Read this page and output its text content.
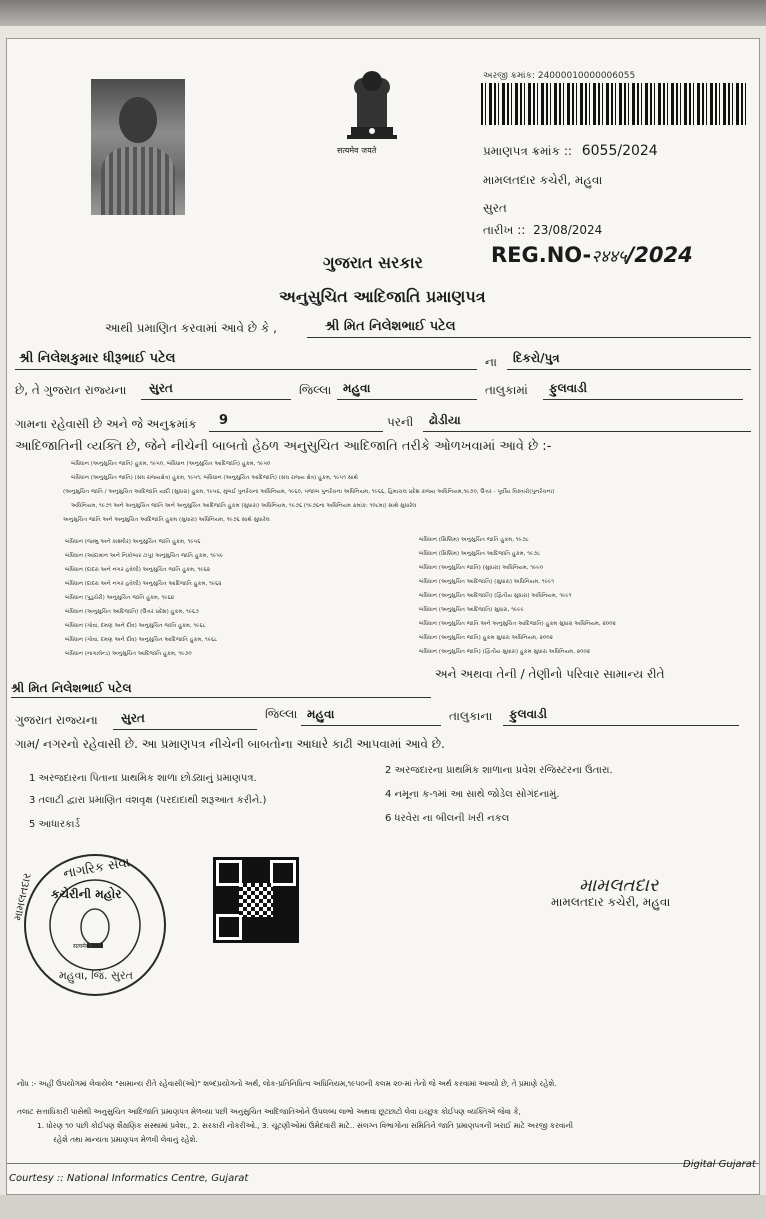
सत्यमेव जयते
અરજી ક્રમાંક: 24000010000006055
પ્રમાણપત્ર ક્રમાંક :: 6055/2024
મામલતદાર કચેરી, મહુવા
સુરત
તારીખ :: 23/08/2024
REG.NO-२४४५/2024
ગુજરાત સરકાર
અનુસુચિત આદિજાતિ પ્રમાણપત્ર
આથી પ્રમાણિત કરવામાં આવે છે કે ,	શ્રી મિત નિલેશભાઈ પટેલ
શ્રી નિલેશકુમાર ધીરૂભાઈ પટેલ	ના દિકરો/પુત્ર
છે, તે ગુજરાત રાજ્યના સુરત	જિલ્લા મહુવા	તાલુકામાં ફુલવાડી
ગામના રહેવાસી છે અને જે અનુક્રમાંક 9	પરની ઢોડીયા
આદિજાતિની વ્યક્તિ છે, જેને નીચેની બાબતો હેઠળ અનુસુચિત આદિજાતિ તરીકે ઓળખવામાં આવે છે :-
બંધિધાન (અનુસુચિત જાતિ) હુકમ, ૧૯૫૦, બંધિધાન (અનુસુચિત આદિજાતિ) હુકમ, ૧૯૫૦
બંધિધાન (અનુસુચિત જાતિ) (સંઘ રાજ્યક્ષેત્ર) હુકમ, ૧૯૫૧, બંધિધાન (અનુસુચિત આદિજાતિ) (સંઘ રાજ્ય ક્ષેત્ર) હુકમ, ૧૯૫૧ સાથે
(અનુસુચિત જાતિ / અનુસુચિત આદિજાતિ યાદી (સુધારા) હુકમ, ૧૯૫૬, મુંબઈ પુનર્રચના અધિનિયમ, ૧૯૬૦, પંજાબ પુનર્રચના અધિનિયમ, ૧૯૬૬, હિમાચલ પ્રદેશ રાજ્ય અધિનિયમ,૧૯૭૦, ઉત્તર - પૂર્વીય વિસ્તારો(પુનર્રચના)
અધિનિયમ, ૧૯૭૧ અને અનુસુચિત જાતિ અને અનુસુચિત આદિજાતિ હુકમ (સુધારા) અધિનિયમ, ૧૯૭૬ (૧૯૭૬ના અધિનિયમ ક્રમાંક: ૧૦૮મા) સાથે સુધારેલ
અનુસુચિત જાતિ અને અનુસુચિત આદિજાતિ હુકમ (સુધારા) અધિનિયમ, ૧૯૭૬ સાથે સુધારેલ
બંધિધાન (જમ્મુ અને કાશ્મીર) અનુસુચિત જાતિ હુકમ, ૧૯૫૬
બંધિધાન (આંદામાન અને નિકોબાર ટાપુ) અનુસુચિત જાતિ હુકમ, ૧૯૫૯
બંધિધાન (દાદરા અને નગર હવેલી) અનુસુચિત જાતિ હુકમ, ૧૯૬૨
બંધિધાન (દાદરા અને નગર હવેલી) અનુસુચિત આદિજાતિ હુકમ, ૧૯૬૨
બંધિધાન (પુડુચેરી) અનુસુચિત જાતિ હુકમ, ૧૯૬૪
બંધિધાન (અનુસુચિત આદિજાતિ) (ઉત્તર પ્રદેશ) હુકમ, ૧૯૬૭
બંધિધાન (ગોવા, દમણ અને દીવ) અનુસુચિત જાતિ હુકમ, ૧૯૬૮
બંધિધાન (ગોવા, દમણ અને દીવ) અનુસુચિત આદિજાતિ હુકમ, ૧૯૬૮
બંધિધાન (નાગાલેન્ડ) અનુસુચિત આદિજાતિ હુકમ, ૧૯૭૦
બંધિધાન (સિક્કિમ) અનુસુચિત જાતિ હુકમ, ૧૯૭૮
બંધિધાન (સિક્કિમ) અનુસુચિત આદિજાતિ હુકમ, ૧૯૭૮
બંધિધાન (અનુસુચિત જાતિ) (સુધારા) અધિનિયમ, ૧૯૯૦
બંધિધાન (અનુસુચિત આદિજાતિ) (સુધારા) અધિનિયમ, ૧૯૯૧
બંધિધાન (અનુસુચિત આદિજાતિ) (દ્વિતીય સુધારા) અધિનિયમ, ૧૯૯૧
બંધિધાન (અનુસુચિત આદિજાતિ) સુધારા, ૧૯૯૯
બંધિધાન (અનુસુચિત જાતિ અને અનુસુચિત આદિજાતિ) હુકમ સુધારા અધિનિયમ, ૨૦૦૨
બંધિધાન (અનુસુચિત જાતિ) હુકમ સુધારા અધિનિયમ, ૨૦૦૨
બંધિધાન (અનુસુચિત જાતિ) (દ્વિતીય સુધારા) હુકમ સુધારા અધિનિયમ, ૨૦૦૨
શ્રી મિત નિલેશભાઈ પટેલ
અને અથવા તેની / તેણીનો પરિવાર સામાન્ય રીતે
ગુજરાત રાજ્યના સુરત	જિલ્લા મહુવા	તાલુકાના ફુલવાડી
ગામ/ નગરનો રહેવાસી છે. આ પ્રમાણપત્ર નીચેની બાબતોના આધારે કાઢી આપવામાં આવે છે.
1 અરજદારના પિતાના પ્રાથમિક શાળા છોડ્યાનું પ્રમાણપત્ર.
3 તલાટી દ્વારા પ્રમાણિત વંશવૃક્ષ (પરદાદાથી શરૂઆત કરીને.)
5 આધારકાર્ડ
2 અરજદારના પ્રાથમિક શાળાના પ્રવેશ રજિસ્ટરના ઉતારા.
4 નમૂના ક-૧માં આ સાથે જોડેલ સોગંદનામું.
6 ધરવેરા ના બીલની ખરી નકલ
નાગરિક સેવા
કચેરીની મહોર
મામલતદાર
મહુવા, જિ. સુરત
सत्यमेव जयते
મામલતદાર
મામલતદાર કચેરી, મહુવા
નોંધ :- અહીં ઉપયોગમાં લેવાયેલ "સામાન્ય રીતે રહેવાસી(ઓ)" શબ્દપ્રયોગનો અર્થ, લોક-પ્રતિનિધિત્વ અધિનિયમ,૧૯૫૦ની કલમ ૨૦-માં તેનો જે અર્થ કરવામાં આવ્યો છે, તે પ્રમાણે રહેશે.
તલાટ સત્તાધિકારી પાસેથી અનુસુચિત આદિજાતિ પ્રમાણપત્ર મેળવ્યા પછી અનુસુચિત આદિજાતિઓને ઉપલબ્ધ લાભો અથવા છૂટછાટો લેવા ઇચ્છુક કોઈપણ વ્યક્તિએ જેવા કે,
1. ધોરણ ૧૦ પછી કોઈપણ શૈક્ષણિક સંસ્થામાં પ્રવેશ., 2. સરકારી નોકરીઓ., 3. ચૂંટણીઓમાં ઉમેદવારી માટે.. સંલગ્ન વિભાગોના સમિતિને જાતિ પ્રમાણપત્રની ખરાઈ માટે અરજી કરવાની
રહેશે તથા માન્યતા પ્રમાણપત્ર મેળવી લેવાનું રહેશે.
Courtesy :: National Informatics Centre, Gujarat
Digital Gujarat
